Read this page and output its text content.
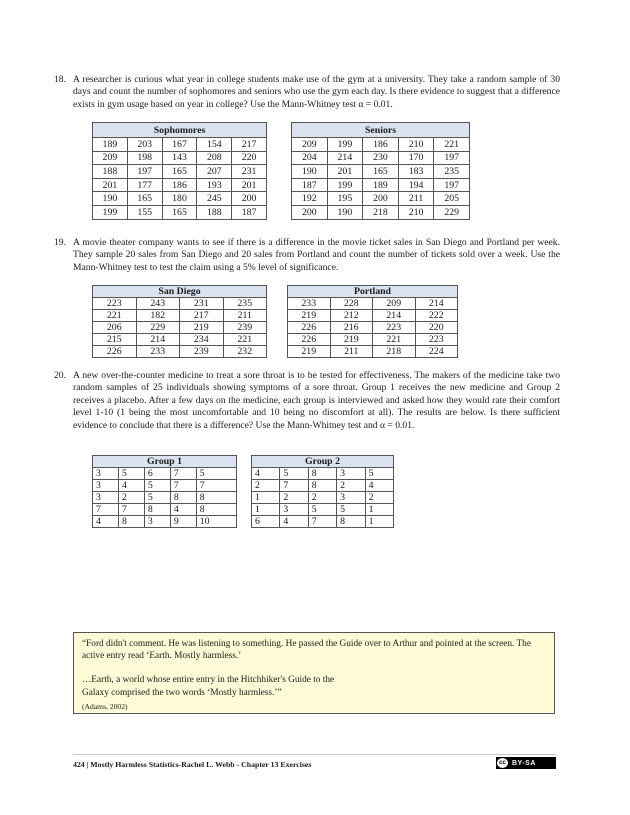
18. A researcher is curious what year in college students make use of the gym at a university. They take a random sample of 30 days and count the number of sophomores and seniors who use the gym each day. Is there evidence to suggest that a difference exists in gym usage based on year in college? Use the Mann-Whitney test α = 0.01.

Sophomores				
189	203	167	154	217
209	198	143	208	220
188	197	165	207	231
201	177	186	193	201
190	165	180	245	200
199	155	165	188	187
Seniors				
209	199	186	210	221
204	214	230	170	197
190	201	165	183	235
187	199	189	194	197
192	195	200	211	205
200	190	218	210	229
19. A movie theater company wants to see if there is a difference in the movie ticket sales in San Diego and Portland per week. They sample 20 sales from San Diego and 20 sales from Portland and count the number of tickets sold over a week. Use the Mann-Whitney test to test the claim using a 5% level of significance.

San Diego			
223	243	231	235
221	182	217	211
206	229	219	239
215	214	234	221
226	233	239	232
Portland			
233	228	209	214
219	212	214	222
226	216	223	220
226	219	221	223
219	211	218	224
20. A new over-the-counter medicine to treat a sore throat is to be tested for effectiveness. The makers of the medicine take two random samples of 25 individuals showing symptoms of a sore throat. Group 1 receives the new medicine and Group 2 receives a placebo. After a few days on the medicine, each group is interviewed and asked how they would rate their comfort level 1-10 (1 being the most uncomfortable and 10 being no discomfort at all). The results are below. Is there sufficient evidence to conclude that there is a difference? Use the Mann-Whitney test and α = 0.01.

Group 1				
3	5	6	7	5
3	4	5	7	7
3	2	5	8	8
7	7	8	4	8
4	8	3	9	10
Group 2				
4	5	8	3	5
2	7	8	2	4
1	2	2	3	2
1	3	5	5	1
6	4	7	8	1

“Ford didn't comment. He was listening to something. He passed the Guide over to Arthur and pointed at the screen. The active entry read ‘Earth. Mostly harmless.’

…Earth, a world whose entire entry in the Hitchhiker's Guide to the

Galaxy comprised the two words ‘Mostly harmless.’”

(Adams, 2002)

424 | Mostly Harmless Statistics-Rachel L. Webb - Chapter 13 Exercises	cc BY-SA
